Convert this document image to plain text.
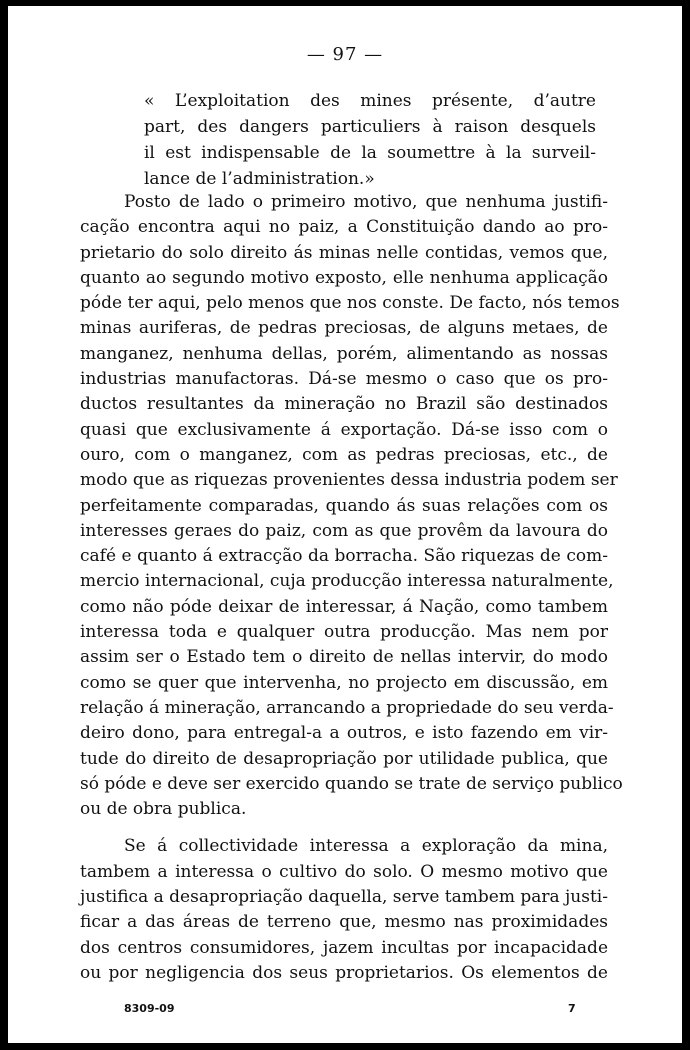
— 97 —
« L’exploitation des mines présente, d’autre
part, des dangers particuliers à raison desquels
il est indispensable de la soumettre à la surveil-
lance de l’administration.»
Posto de lado o primeiro motivo, que nenhuma justifi-
cação encontra aqui no paiz, a Constituição dando ao pro-
prietario do solo direito ás minas nelle contidas, vemos que,
quanto ao segundo motivo exposto, elle nenhuma applicação
póde ter aqui, pelo menos que nos conste. De facto, nós temos
minas auriferas, de pedras preciosas, de alguns metaes, de
manganez, nenhuma dellas, porém, alimentando as nossas
industrias manufactoras. Dá-se mesmo o caso que os pro-
ductos resultantes da mineração no Brazil são destinados
quasi que exclusivamente á exportação. Dá-se isso com o
ouro, com o manganez, com as pedras preciosas, etc., de
modo que as riquezas provenientes dessa industria podem ser
perfeitamente comparadas, quando ás suas relações com os
interesses geraes do paiz, com as que provêm da lavoura do
café e quanto á extracção da borracha. São riquezas de com-
mercio internacional, cuja producção interessa naturalmente,
como não póde deixar de interessar, á Nação, como tambem
interessa toda e qualquer outra producção. Mas nem por
assim ser o Estado tem o direito de nellas intervir, do modo
como se quer que intervenha, no projecto em discussão, em
relação á mineração, arrancando a propriedade do seu verda-
deiro dono, para entregal-a a outros, e isto fazendo em vir-
tude do direito de desapropriação por utilidade publica, que
só póde e deve ser exercido quando se trate de serviço publico
ou de obra publica.
Se á collectividade interessa a exploração da mina,
tambem a interessa o cultivo do solo. O mesmo motivo que
justifica a desapropriação daquella, serve tambem para justi-
ficar a das áreas de terreno que, mesmo nas proximidades
dos centros consumidores, jazem incultas por incapacidade
ou por negligencia dos seus proprietarios. Os elementos de
8309-09	7
